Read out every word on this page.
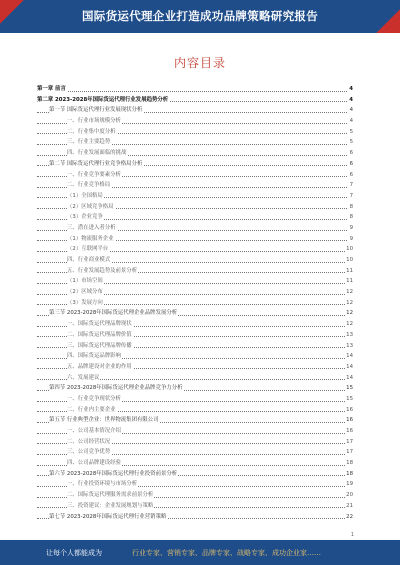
国际货运代理企业打造成功品牌策略研究报告
内容目录
第一章 前言	4
第二章 2023-2028年国际货运代理行业发展趋势分析	4
第一节 国际货运代理行业发展现状分析	4
一、行业市场规模分析	4
二、行业集中度分析	5
三、行业主要趋势	5
四、行业发展面临的挑战	6
第二节 国际货运代理行业竞争格局分析	6
一、行业竞争要素分析	6
二、行业竞争格局	7
（1）全国格局	7
（2）区域竞争格局	8
（3）企业竞争	8
三、潜在进入者分析	9
（1）物流服务企业	9
（2）互联网平台	10
四、行业商业模式	10
五、行业发展趋势及前景分析	11
（1）市场空间	11
（2）区域分布	12
（3）发展方向	12
第三节 2023-2028年国际货运代理企业品牌发展分析	12
一、国际货运代理品牌现状	12
二、国际货运代理品牌价值	13
三、国际货运代理品牌传播	13
四、国际货运品牌影响	14
五、品牌建设对企业的作用	14
六、发展建议	14
第四节 2023-2028年国际货运代理企业品牌竞争力分析	15
一、行业竞争现状分析	15
二、行业内主要企业	16
第五节 行业典型企业：世界物流集团有限公司	16
一、公司基本情况介绍	16
二、公司经营状况	17
三、公司竞争优势	17
四、公司品牌建设经验	18
第六节 2023-2028年国际货运代理行业投资前景分析	18
一、行业投资环境与市场分析	19
二、国际货运代理服务需求前景分析	20
三、投资建议：企业发展规划与策略	21
第七节 2023-2028年国际货运代理行业营销策略	22
1
让每个人都能成为	行业专家、营销专家、品牌专家、战略专家、成功企业家……
